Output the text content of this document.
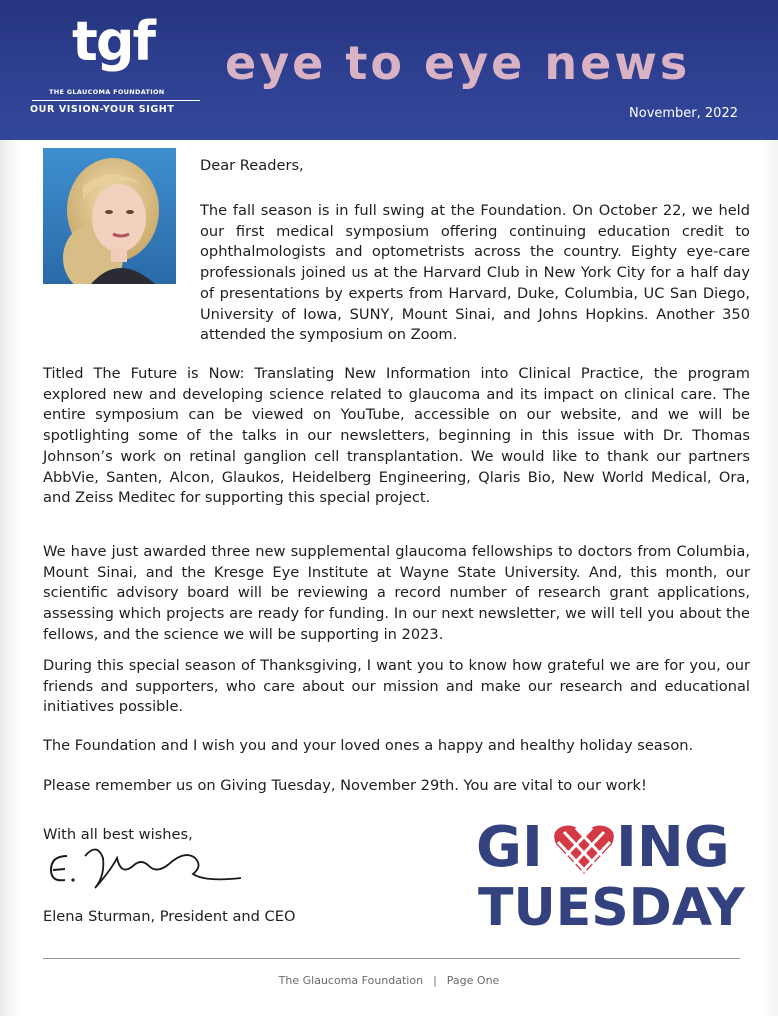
tgf
THE GLAUCOMA FOUNDATION
OUR VISION-YOUR SIGHT
eye to eye news
November, 2022
Dear Readers,
The fall season is in full swing at the Foundation. On October 22, we held our first medical symposium offering continuing education credit to ophthalmologists and optometrists across the country. Eighty eye-care professionals joined us at the Harvard Club in New York City for a half day of presentations by experts from Harvard, Duke, Columbia, UC San Diego, University of Iowa, SUNY, Mount Sinai, and Johns Hopkins. Another 350 attended the symposium on Zoom.
Titled The Future is Now: Translating New Information into Clinical Practice, the program explored new and developing science related to glaucoma and its impact on clinical care. The entire symposium can be viewed on YouTube, accessible on our website, and we will be spotlighting some of the talks in our newsletters, beginning in this issue with Dr. Thomas Johnson’s work on retinal ganglion cell transplantation. We would like to thank our partners AbbVie, Santen, Alcon, Glaukos, Heidelberg Engineering, Qlaris Bio, New World Medical, Ora, and Zeiss Meditec for supporting this special project.
We have just awarded three new supplemental glaucoma fellowships to doctors from Columbia, Mount Sinai, and the Kresge Eye Institute at Wayne State University. And, this month, our scientific advisory board will be reviewing a record number of research grant applications, assessing which projects are ready for funding. In our next newsletter, we will tell you about the fellows, and the science we will be supporting in 2023.
During this special season of Thanksgiving, I want you to know how grateful we are for you, our friends and supporters, who care about our mission and make our research and educational initiatives possible.
The Foundation and I wish you and your loved ones a happy and healthy holiday season.
Please remember us on Giving Tuesday, November 29th. You are vital to our work!
With all best wishes,
Elena Sturman, President and CEO
GI ING
TUESDAY
The Glaucoma Foundation | Page One
